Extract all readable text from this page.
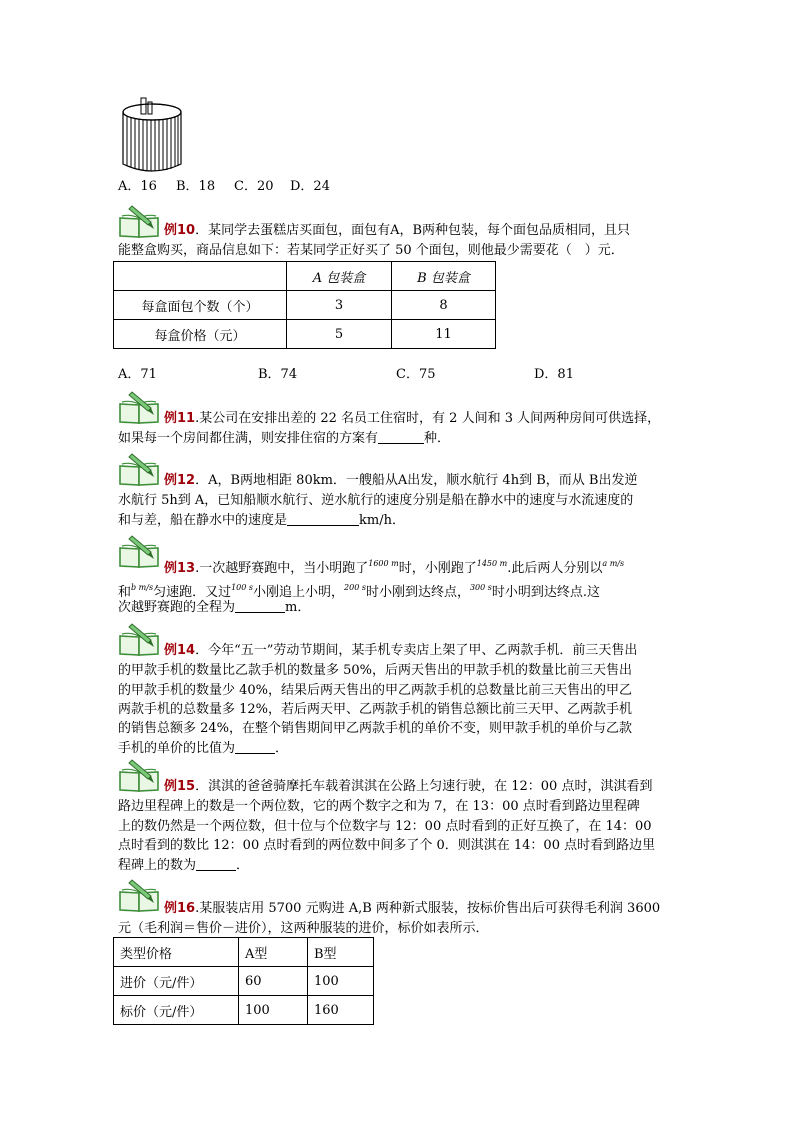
A．16 B．18 C．20 D．24
例10．某同学去蛋糕店买面包，面包有A，B两种包装，每个面包品质相同，且只
能整盒购买，商品信息如下：若某同学正好买了 50 个面包，则他最少需要花（　）元．
	A 包装盒	B 包装盒
每盒面包个数（个）	3	8
每盒价格（元）	5	11
A．71	B．74	C．75	D．81
例11.某公司在安排出差的 22 名员工住宿时，有 2 人间和 3 人间两种房间可供选择，
如果每一个房间都住满，则安排住宿的方案有	种．
例12．A，B两地相距 80km．一艘船从A出发，顺水航行 4h到 B，而从 B出发逆
水航行 5h到 A，已知船顺水航行、逆水航行的速度分别是船在静水中的速度与水流速度的
和与差，船在静水中的速度是	km/h．
例13.一次越野赛跑中，当小明跑了$^{1600 m}$时，小刚跑了$^{1450 m}$.此后两人分别以$^{a m/s}$
和$^{b m/s}$匀速跑．又过$^{100 s}$小刚追上小明，$^{200 s}$时小刚到达终点，$^{300 s}$时小明到达终点.这
次越野赛跑的全程为	m．
例14．今年“五一”劳动节期间，某手机专卖店上架了甲、乙两款手机．前三天售出
的甲款手机的数量比乙款手机的数量多 50%，后两天售出的甲款手机的数量比前三天售出
的甲款手机的数量少 40%，结果后两天售出的甲乙两款手机的总数量比前三天售出的甲乙
两款手机的总数量多 12%，若后两天甲、乙两款手机的销售总额比前三天甲、乙两款手机
的销售总额多 24%，在整个销售期间甲乙两款手机的单价不变，则甲款手机的单价与乙款
手机的单价的比值为	．
例15．淇淇的爸爸骑摩托车载着淇淇在公路上匀速行驶，在 12：00 点时，淇淇看到
路边里程碑上的数是一个两位数，它的两个数字之和为 7，在 13：00 点时看到路边里程碑
上的数仍然是一个两位数，但十位与个位数字与 12：00 点时看到的正好互换了，在 14：00
点时看到的数比 12：00 点时看到的两位数中间多了个 0．则淇淇在 14：00 点时看到路边里
程碑上的数为	．
例16.某服装店用 5700 元购进 A,B 两种新式服装，按标价售出后可获得毛利润 3600
元（毛利润＝售价－进价），这两种服装的进价，标价如表所示．
类型价格	A型	B型
进价（元/件）	60	100
标价（元/件）	100	160
